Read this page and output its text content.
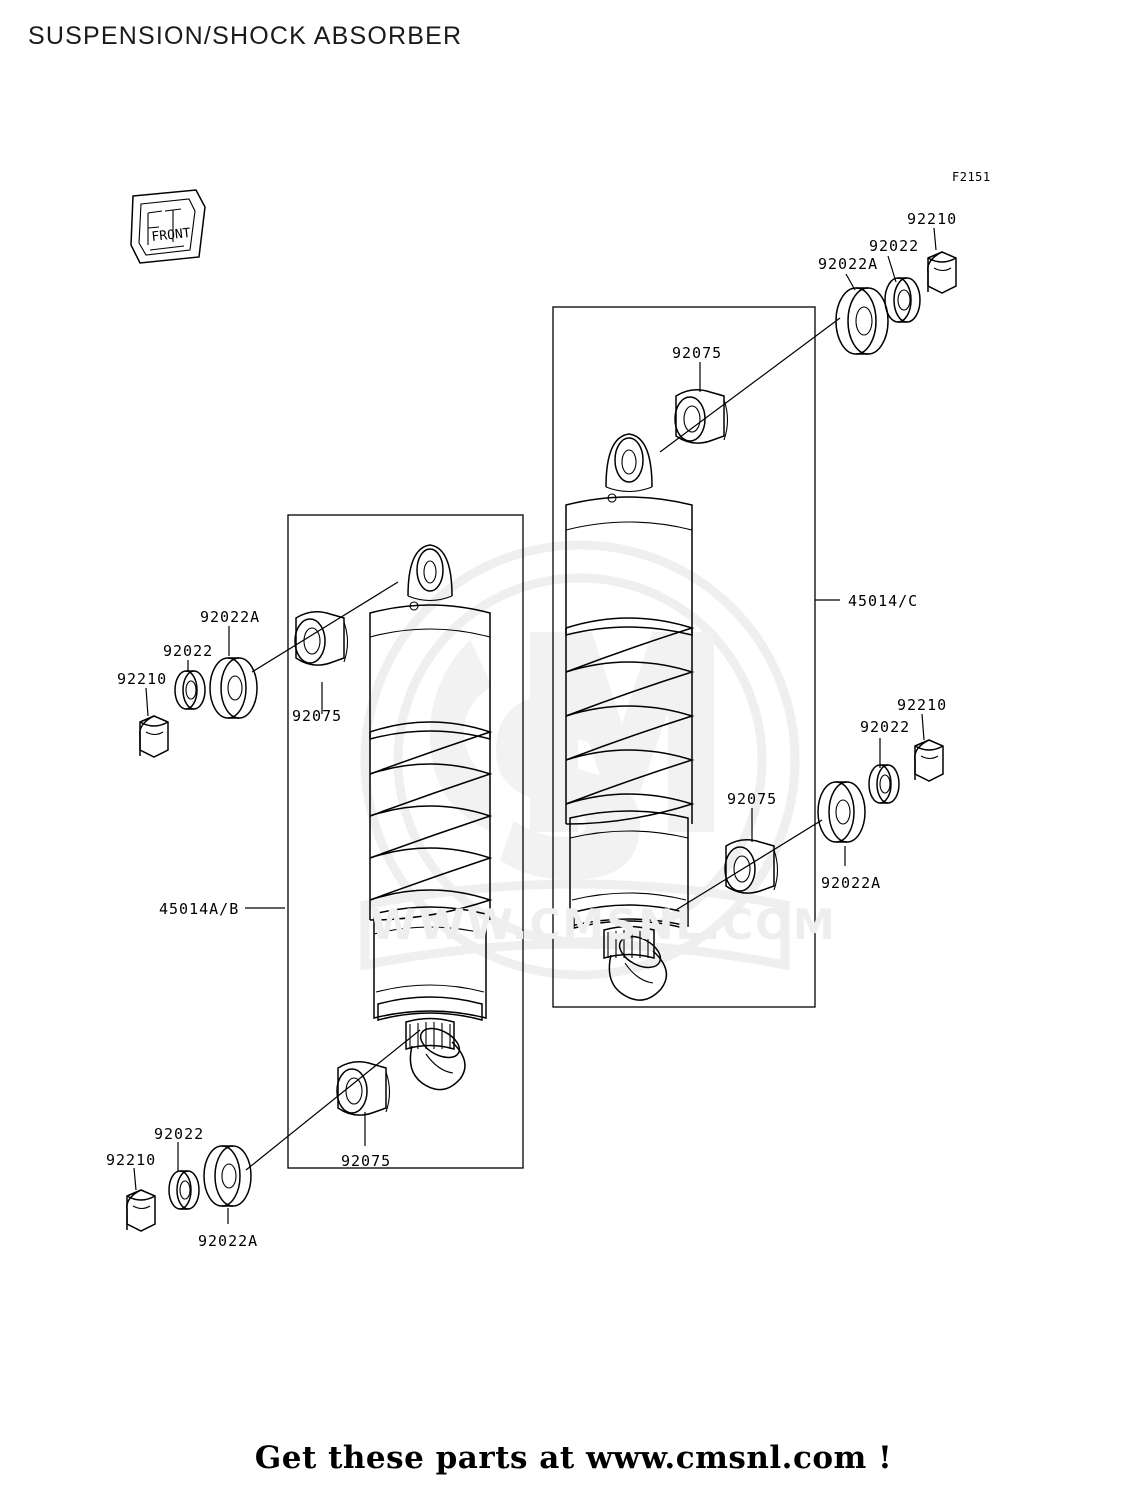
SUSPENSION/SHOCK ABSORBER
FRONT
F2151
92210
92022
92022A
92075
45014/C
92022A
92022
92210
92075
92210
92022
92075
92022A
45014A/B
92022
92210	92075
92022A
WWW.CMSNL.COM
Get these parts at www.cmsnl.com !
